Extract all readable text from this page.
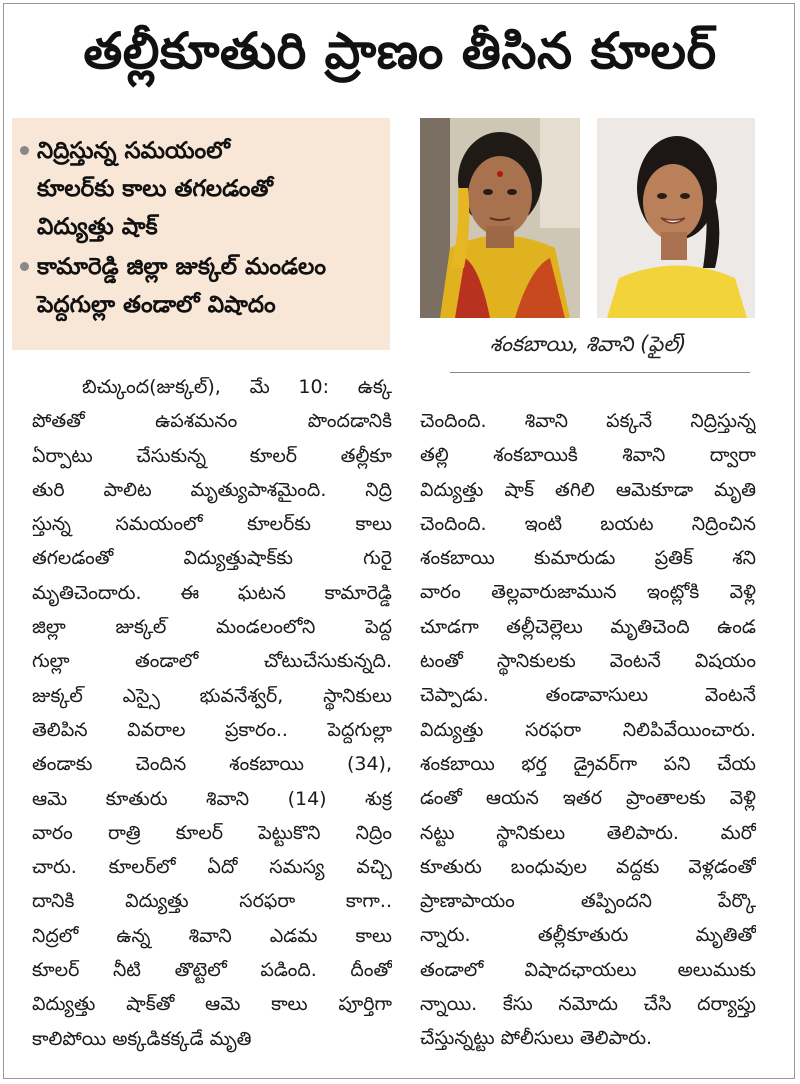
తల్లీకూతురి ప్రాణం తీసిన కూలర్
నిద్రిస్తున్న సమయంలో
కూలర్‌కు కాలు తగలడంతో
విద్యుత్తు షాక్
కామారెడ్డి జిల్లా జుక్కల్ మండలం
పెద్దగుల్లా తండాలో విషాదం
శంకబాయి, శివాని (ఫైల్)
బిచ్కుంద(జుక్కల్), మే 10: ఉక్క
పోతతో ఉపశమనం పొందడానికి
ఏర్పాటు చేసుకున్న కూలర్ తల్లీకూ
తురి పాలిట మృత్యుపాశమైంది. నిద్రి
స్తున్న సమయంలో కూలర్‌కు కాలు
తగలడంతో విద్యుత్తుషాక్‌కు గురై
మృతిచెందారు. ఈ ఘటన కామారెడ్డి
జిల్లా జుక్కల్ మండలంలోని పెద్ద
గుల్లా తండాలో చోటుచేసుకున్నది.
జుక్కల్ ఎస్సై భువనేశ్వర్, స్థానికులు
తెలిపిన వివరాల ప్రకారం.. పెద్దగుల్లా
తండాకు చెందిన శంకబాయి (34),
ఆమె కూతురు శివాని (14) శుక్ర
వారం రాత్రి కూలర్ పెట్టుకొని నిద్రిం
చారు. కూలర్‌లో ఏదో సమస్య వచ్చి
దానికి విద్యుత్తు సరఫరా కాగా..
నిద్రలో ఉన్న శివాని ఎడమ కాలు
కూలర్ నీటి తొట్టెలో పడింది. దీంతో
విద్యుత్తు షాక్‌తో ఆమె కాలు పూర్తిగా
కాలిపోయి అక్కడికక్కడే మృతి
చెందింది. శివాని పక్కనే నిద్రిస్తున్న
తల్లి శంకబాయికి శివాని ద్వారా
విద్యుత్తు షాక్ తగిలి ఆమెకూడా మృతి
చెందింది. ఇంటి బయట నిద్రించిన
శంకబాయి కుమారుడు ప్రతిక్ శని
వారం తెల్లవారుజామున ఇంట్లోకి వెళ్లి
చూడగా తల్లీచెల్లెలు మృతిచెంది ఉండ
టంతో స్థానికులకు వెంటనే విషయం
చెప్పాడు. తండావాసులు వెంటనే
విద్యుత్తు సరఫరా నిలిపివేయించారు.
శంకబాయి భర్త డ్రైవర్‌గా పని చేయ
డంతో ఆయన ఇతర ప్రాంతాలకు వెళ్లి
నట్టు స్థానికులు తెలిపారు. మరో
కూతురు బంధువుల వద్దకు వెళ్లడంతో
ప్రాణాపాయం తప్పిందని పేర్కొ
న్నారు. తల్లీకూతురు మృతితో
తండాలో విషాదఛాయలు అలుముకు
న్నాయి. కేసు నమోదు చేసి దర్యాప్తు
చేస్తున్నట్టు పోలీసులు తెలిపారు.
